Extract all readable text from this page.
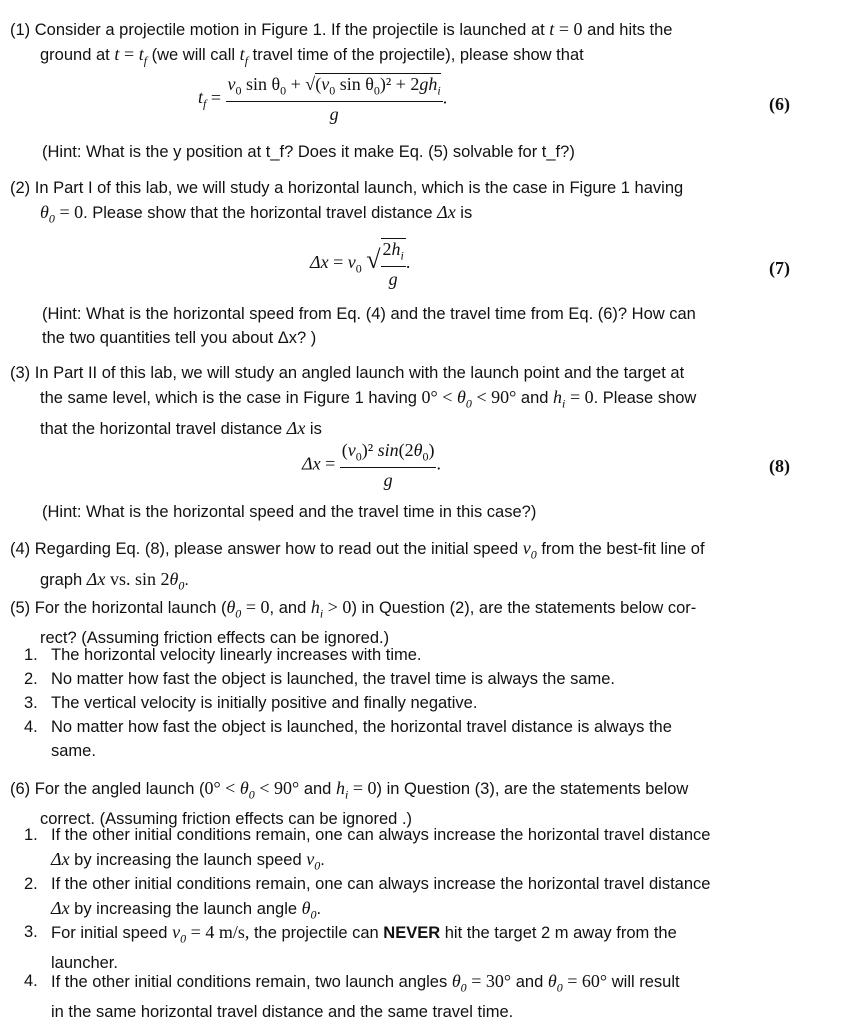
(1) Consider a projectile motion in Figure 1. If the projectile is launched at t = 0 and hits the
ground at $t = t_f$ (we will call $t_f$ travel time of the projectile), please show that
$t_f = \frac{v_0 \sin \theta_0 + √(v_0 \sin \theta_0)^2 + 2gh_i}{g}$ .	(6)
(Hint: What is the y position at t_f? Does it make Eq. (5) solvable for t_f?)
(2) In Part I of this lab, we will study a horizontal launch, which is the case in Figure 1 having
$\theta_0 = 0$. Please show that the horizontal travel distance Δx is
$\Delta x = v_0$ √ $\frac{2h_i}{g}$ .	(7)
(Hint: What is the horizontal speed from Eq. (4) and the travel time from Eq. (6)? How can
the two quantities tell you about Δx? )
(3) In Part II of this lab, we will study an angled launch with the launch point and the target at
the same level, which is the case in Figure 1 having $0^\circ < \theta_0 < 90^\circ$ and $h_i = 0$. Please show
that the horizontal travel distance Δx is
$\Delta x = \frac{(v_0)^2 \sin(2\theta_0)}{g}$ .	(8)
(Hint: What is the horizontal speed and the travel time in this case?)
(4) Regarding Eq. (8), please answer how to read out the initial speed $v_0$ from the best-fit line of
graph Δx vs. $\sin 2\theta_0$.
(5) For the horizontal launch ($\theta_0 = 0$, and $h_i > 0$) in Question (2), are the statements below cor-
rect? (Assuming friction effects can be ignored.)
1. The horizontal velocity linearly increases with time.
2. No matter how fast the object is launched, the travel time is always the same.
3. The vertical velocity is initially positive and finally negative.
4. No matter how fast the object is launched, the horizontal travel distance is always the
same.
(6) For the angled launch ($0^\circ < \theta_0 < 90^\circ$ and $h_i = 0$) in Question (3), are the statements below
correct. (Assuming friction effects can be ignored .)
1. If the other initial conditions remain, one can always increase the horizontal travel distance
Δx by increasing the launch speed $v_0$.
2. If the other initial conditions remain, one can always increase the horizontal travel distance
Δx by increasing the launch angle $\theta_0$.
3. For initial speed $v_0 = 4$ m/s, the projectile can NEVER hit the target 2 m away from the
launcher.
4. If the other initial conditions remain, two launch angles $\theta_0 = 30^\circ$ and $\theta_0 = 60^\circ$ will result
in the same horizontal travel distance and the same travel time.
